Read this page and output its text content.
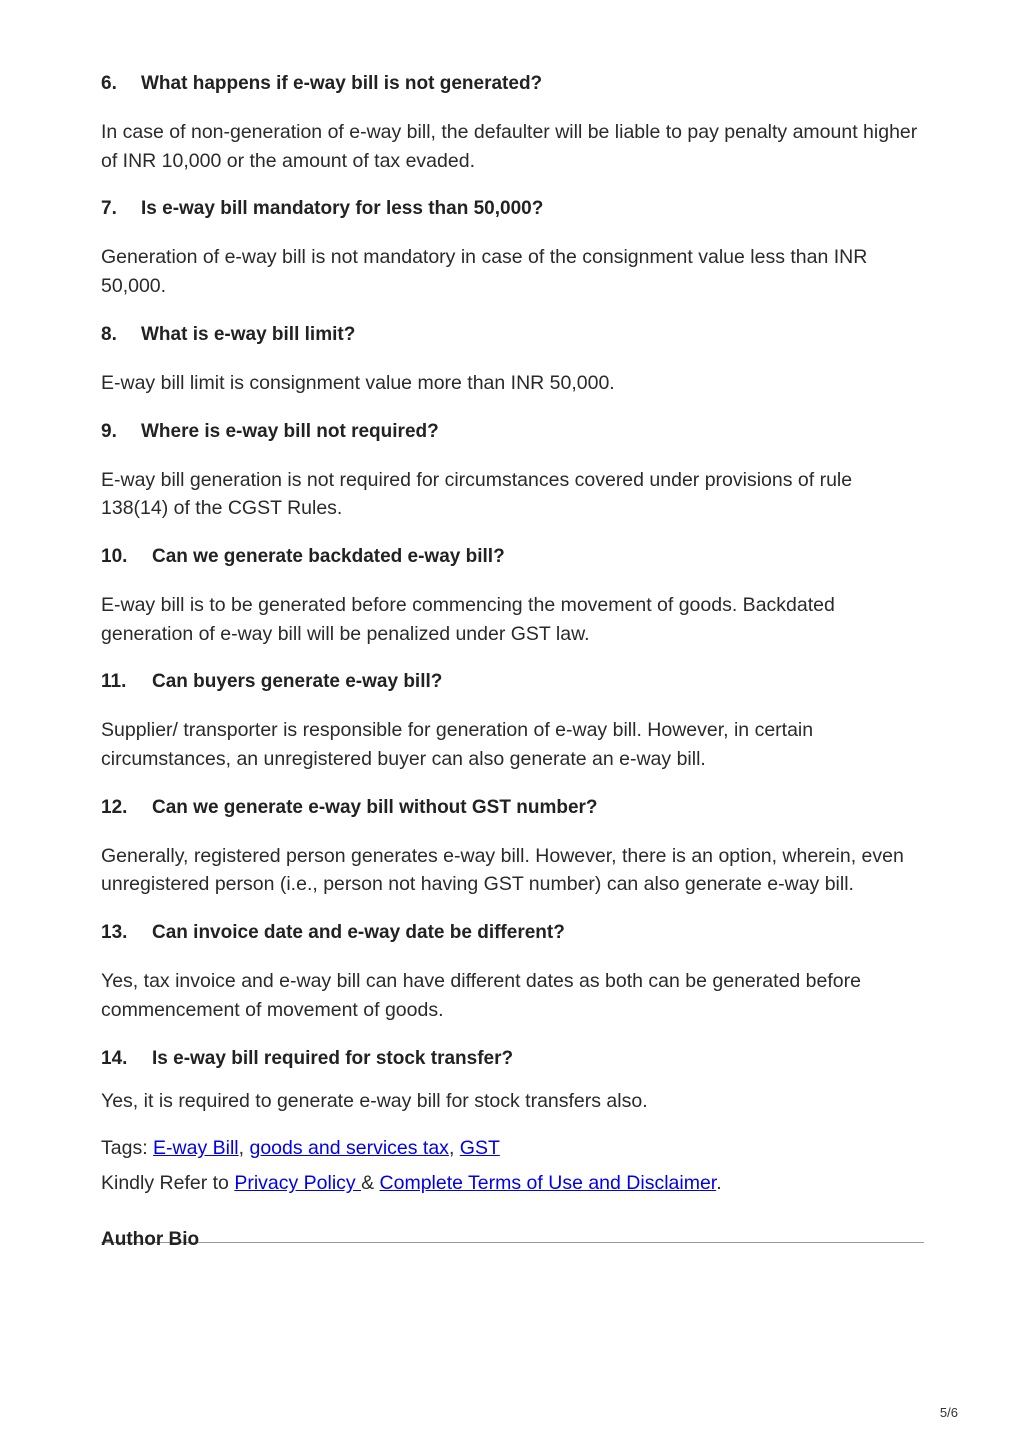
6.	What happens if e-way bill is not generated?

In case of non-generation of e-way bill, the defaulter will be liable to pay penalty amount higher of INR 10,000 or the amount of tax evaded.

7.	Is e-way bill mandatory for less than 50,000?

Generation of e-way bill is not mandatory in case of the consignment value less than INR 50,000.

8.	What is e-way bill limit?

E-way bill limit is consignment value more than INR 50,000.

9.	Where is e-way bill not required?

E-way bill generation is not required for circumstances covered under provisions of rule 138(14) of the CGST Rules.

10.	Can we generate backdated e-way bill?

E-way bill is to be generated before commencing the movement of goods. Backdated generation of e-way bill will be penalized under GST law.

11.	Can buyers generate e-way bill?

Supplier/ transporter is responsible for generation of e-way bill. However, in certain circumstances, an unregistered buyer can also generate an e-way bill.

12.	Can we generate e-way bill without GST number?

Generally, registered person generates e-way bill. However, there is an option, wherein, even unregistered person (i.e., person not having GST number) can also generate e-way bill.

13.	Can invoice date and e-way date be different?

Yes, tax invoice and e-way bill can have different dates as both can be generated before commencement of movement of goods.

14.	Is e-way bill required for stock transfer?

Yes, it is required to generate e-way bill for stock transfers also.

Tags: E-way Bill, goods and services tax, GST

Kindly Refer to Privacy Policy & Complete Terms of Use and Disclaimer.

Author Bio
5/6
